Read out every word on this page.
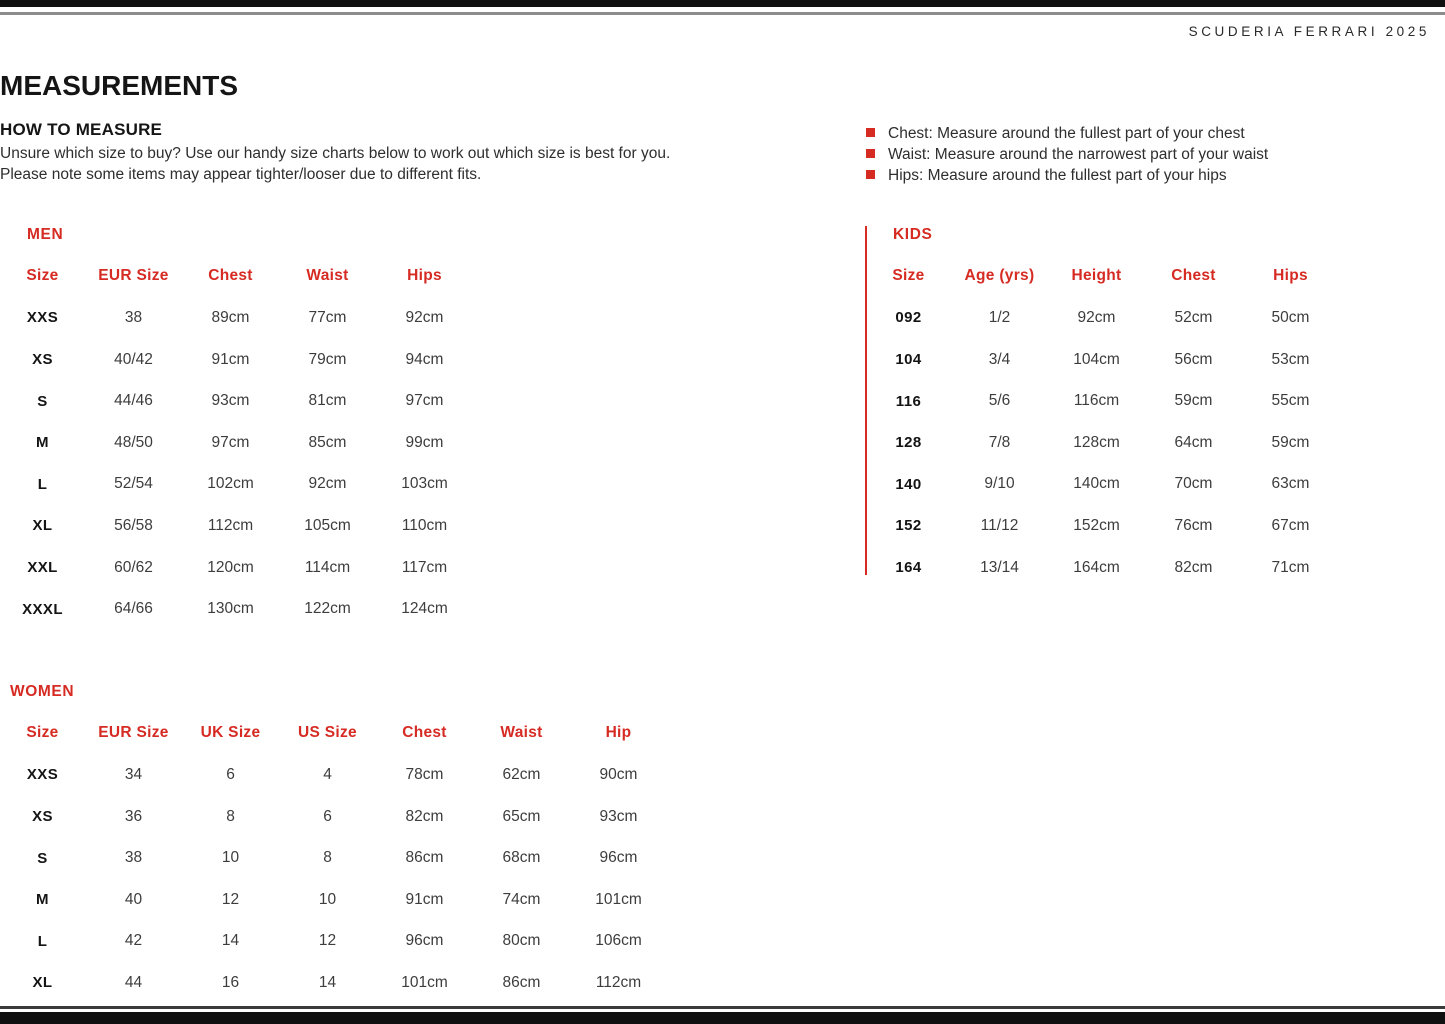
SCUDERIA FERRARI 2025
MEASUREMENTS
HOW TO MEASURE
Unsure which size to buy? Use our handy size charts below to work out which size is best for you.
Please note some items may appear tighter/looser due to different fits.
Chest: Measure around the fullest part of your chest
Waist: Measure around the narrowest part of your waist
Hips: Measure around the fullest part of your hips
MEN
Size	EUR Size	Chest	Waist	Hips
XXS	38	89cm	77cm	92cm
XS	40/42	91cm	79cm	94cm
S	44/46	93cm	81cm	97cm
M	48/50	97cm	85cm	99cm
L	52/54	102cm	92cm	103cm
XL	56/58	112cm	105cm	110cm
XXL	60/62	120cm	114cm	117cm
XXXL	64/66	130cm	122cm	124cm
KIDS
Size	Age (yrs)	Height	Chest	Hips
092	1/2	92cm	52cm	50cm
104	3/4	104cm	56cm	53cm
116	5/6	116cm	59cm	55cm
128	7/8	128cm	64cm	59cm
140	9/10	140cm	70cm	63cm
152	11/12	152cm	76cm	67cm
164	13/14	164cm	82cm	71cm
WOMEN
Size	EUR Size	UK Size	US Size	Chest	Waist	Hip
XXS	34	6	4	78cm	62cm	90cm
XS	36	8	6	82cm	65cm	93cm
S	38	10	8	86cm	68cm	96cm
M	40	12	10	91cm	74cm	101cm
L	42	14	12	96cm	80cm	106cm
XL	44	16	14	101cm	86cm	112cm
